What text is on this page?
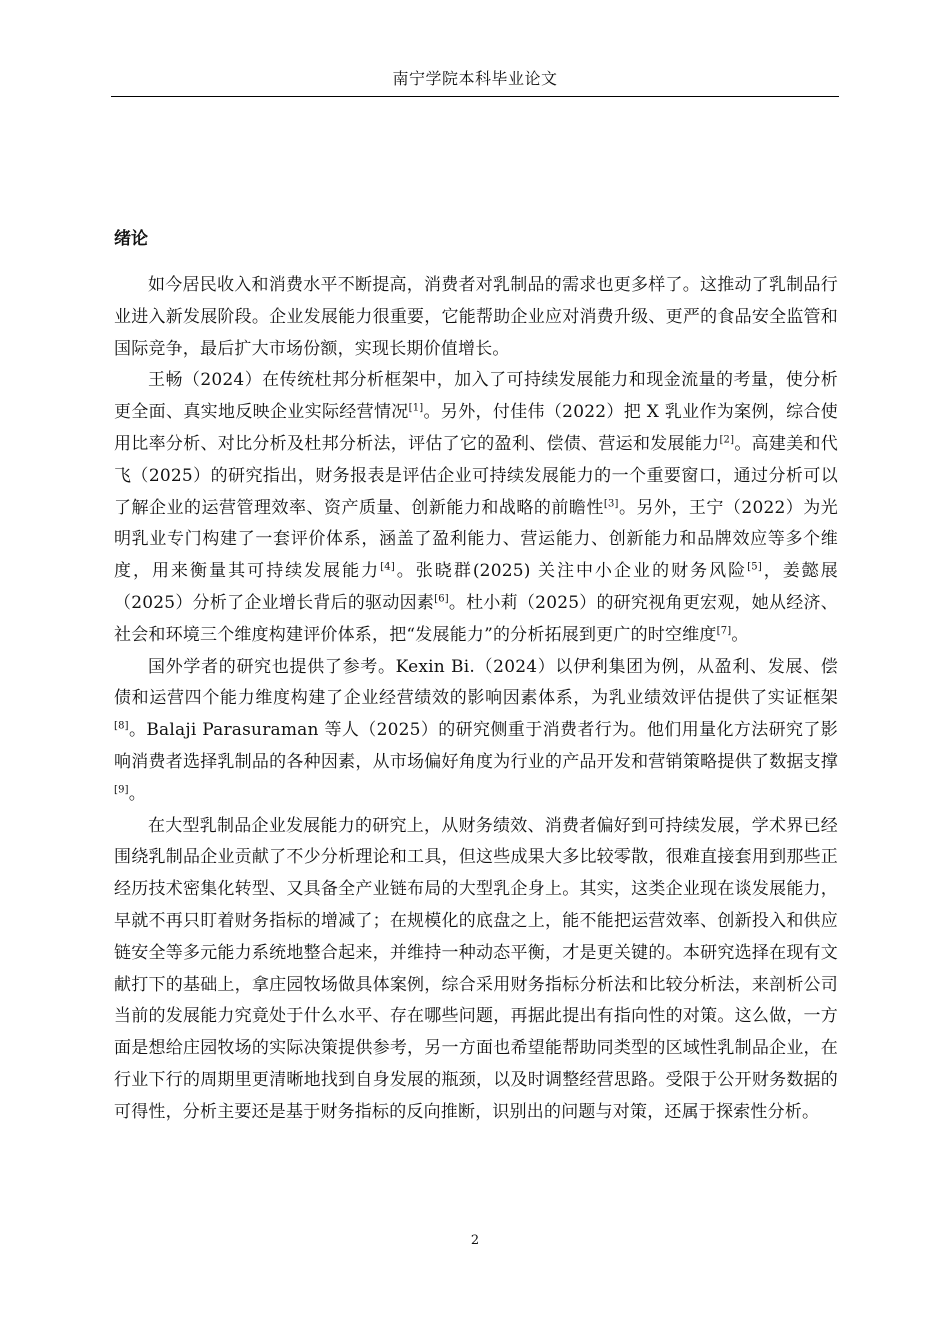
南宁学院本科毕业论文
绪论

如今居民收入和消费水平不断提高，消费者对乳制品的需求也更多样了。这推动了乳制品行业进入新发展阶段。企业发展能力很重要，它能帮助企业应对消费升级、更严的食品安全监管和国际竞争，最后扩大市场份额，实现长期价值增长。

王畅（2024）在传统杜邦分析框架中，加入了可持续发展能力和现金流量的考量，使分析更全面、真实地反映企业实际经营情况[1]。另外，付佳伟（2022）把 X 乳业作为案例，综合使用比率分析、对比分析及杜邦分析法，评估了它的盈利、偿债、营运和发展能力[2]。高建美和代飞（2025）的研究指出，财务报表是评估企业可持续发展能力的一个重要窗口，通过分析可以了解企业的运营管理效率、资产质量、创新能力和战略的前瞻性[3]。另外，王宁（2022）为光明乳业专门构建了一套评价体系，涵盖了盈利能力、营运能力、创新能力和品牌效应等多个维度，用来衡量其可持续发展能力[4]。张晓群(2025) 关注中小企业的财务风险[5]，姜懿展（2025）分析了企业增长背后的驱动因素[6]。杜小莉（2025）的研究视角更宏观，她从经济、社会和环境三个维度构建评价体系，把“发展能力”的分析拓展到更广的时空维度[7]。

国外学者的研究也提供了参考。Kexin Bi.（2024）以伊利集团为例，从盈利、发展、偿债和运营四个能力维度构建了企业经营绩效的影响因素体系，为乳业绩效评估提供了实证框架[8]。Balaji Parasuraman 等人（2025）的研究侧重于消费者行为。他们用量化方法研究了影响消费者选择乳制品的各种因素，从市场偏好角度为行业的产品开发和营销策略提供了数据支撑[9]。

在大型乳制品企业发展能力的研究上，从财务绩效、消费者偏好到可持续发展，学术界已经围绕乳制品企业贡献了不少分析理论和工具，但这些成果大多比较零散，很难直接套用到那些正经历技术密集化转型、又具备全产业链布局的大型乳企身上。其实，这类企业现在谈发展能力，早就不再只盯着财务指标的增减了；在规模化的底盘之上，能不能把运营效率、创新投入和供应链安全等多元能力系统地整合起来，并维持一种动态平衡，才是更关键的。本研究选择在现有文献打下的基础上，拿庄园牧场做具体案例，综合采用财务指标分析法和比较分析法，来剖析公司当前的发展能力究竟处于什么水平、存在哪些问题，再据此提出有指向性的对策。这么做，一方面是想给庄园牧场的实际决策提供参考，另一方面也希望能帮助同类型的区域性乳制品企业，在行业下行的周期里更清晰地找到自身发展的瓶颈，以及时调整经营思路。受限于公开财务数据的可得性，分析主要还是基于财务指标的反向推断，识别出的问题与对策，还属于探索性分析。

2
